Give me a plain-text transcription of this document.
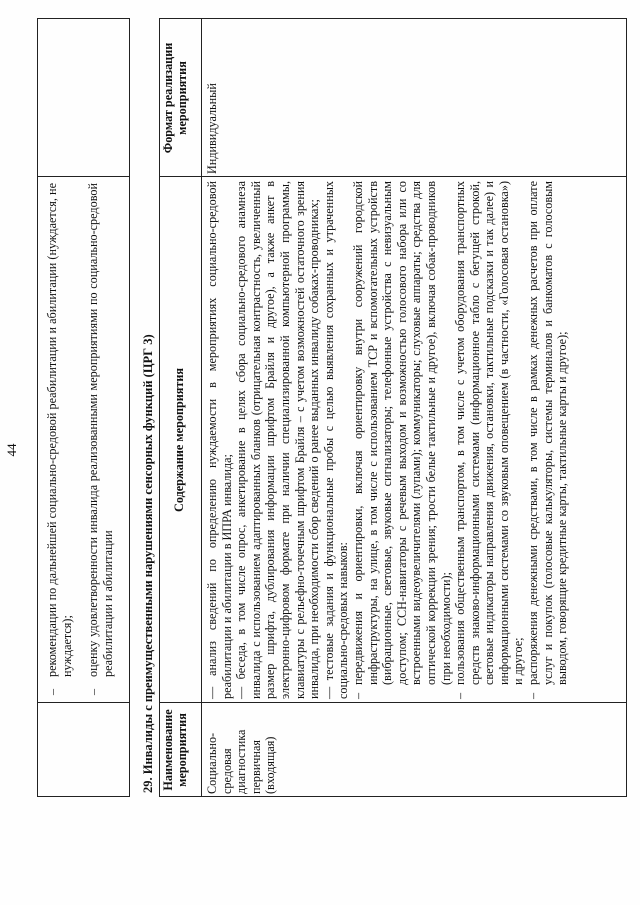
44
–
рекомендации по дальнейшей социально-средовой реабилитации и абилитации (нуждается, не нуждается);
–
оценку удовлетворенности инвалида реализованными мероприятиями по социально-средовой реабилитации и абилитации 29. Инвалиды с преимущественными нарушениями сенсорных функций (ЦРГ 3) Наименование мероприятия
Содержание мероприятия
Формат реализации мероприятия
Социально-средовая диагностика первичная (входящая)
Индивидуальный
— анализ сведений по определению нуждаемости в мероприятиях социально-средовой реабилитации и абилитации в ИПРА инвалида; — беседа, в том числе опрос, анкетирование в целях сбора социально-средового анамнеза инвалида с использованием адаптированных бланков (отрицательная контрастность, увеличенный размер шрифта, дублирования информации шрифтом Брайля и другое), а также анкет в электронно-цифровом формате при наличии специализированной компьютерной программы, клавиатуры с рельефно-точечным шрифтом Брайля – с учетом возможностей остаточного зрения инвалида, при необходимости сбор сведений о ранее выданных инвалиду собаках-проводниках; — тестовые задания и функциональные пробы с целью выявления сохранных и утраченных социально-средовых навыков: –
передвижения и ориентировки, включая ориентировку внутри сооружений городской инфраструктуры, на улице, в том числе с использованием ТСР и вспомогательных устройств (вибрационные, световые, звуковые сигнализаторы; телефонные устройства с невизуальным доступом; ССН-навигаторы с речевым выходом и возможностью голосового набора или со встроенными видеоувеличителями (лупами); коммуникаторы; слуховые аппараты; средства для оптической коррекции зрения; трости белые тактильные и другое), включая собак-проводников (при необходимости);
–
пользования общественным транспортом, в том числе с учетом оборудования транспортных средств знаково-информационными системами (информационное табло с бегущей строкой, световые индикаторы направления движения, остановки, тактильные подсказки и так далее) и информационными системами со звуковым оповещением (в частности, «Голосовая остановка») и другое;
–
распоряжения денежными средствами, в том числе в рамках денежных расчетов при оплате услуг и покупок (голосовые калькуляторы, системы терминалов и банкоматов с голосовым выводом, говорящие кредитные карты, тактильные карты и другое);
